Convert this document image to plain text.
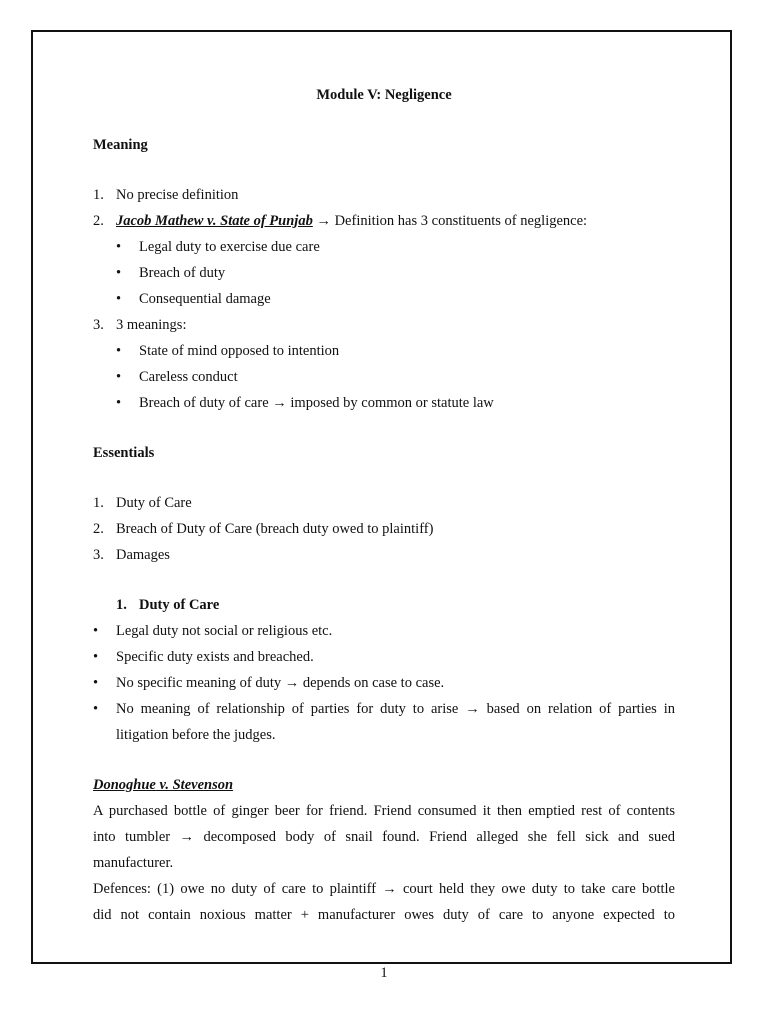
Module V: Negligence
Meaning
1. No precise definition
2. Jacob Mathew v. State of Punjab → Definition has 3 constituents of negligence:
• Legal duty to exercise due care
• Breach of duty
• Consequential damage
3. 3 meanings:
• State of mind opposed to intention
• Careless conduct
• Breach of duty of care → imposed by common or statute law
Essentials
1. Duty of Care
2. Breach of Duty of Care (breach duty owed to plaintiff)
3. Damages
1. Duty of Care
• Legal duty not social or religious etc.
• Specific duty exists and breached.
• No specific meaning of duty → depends on case to case.
• No meaning of relationship of parties for duty to arise → based on relation of parties in
litigation before the judges.
Donoghue v. Stevenson
A purchased bottle of ginger beer for friend. Friend consumed it then emptied rest of contents
into tumbler → decomposed body of snail found. Friend alleged she fell sick and sued
manufacturer.
Defences: (1) owe no duty of care to plaintiff → court held they owe duty to take care bottle
did not contain noxious matter + manufacturer owes duty of care to anyone expected to
1
